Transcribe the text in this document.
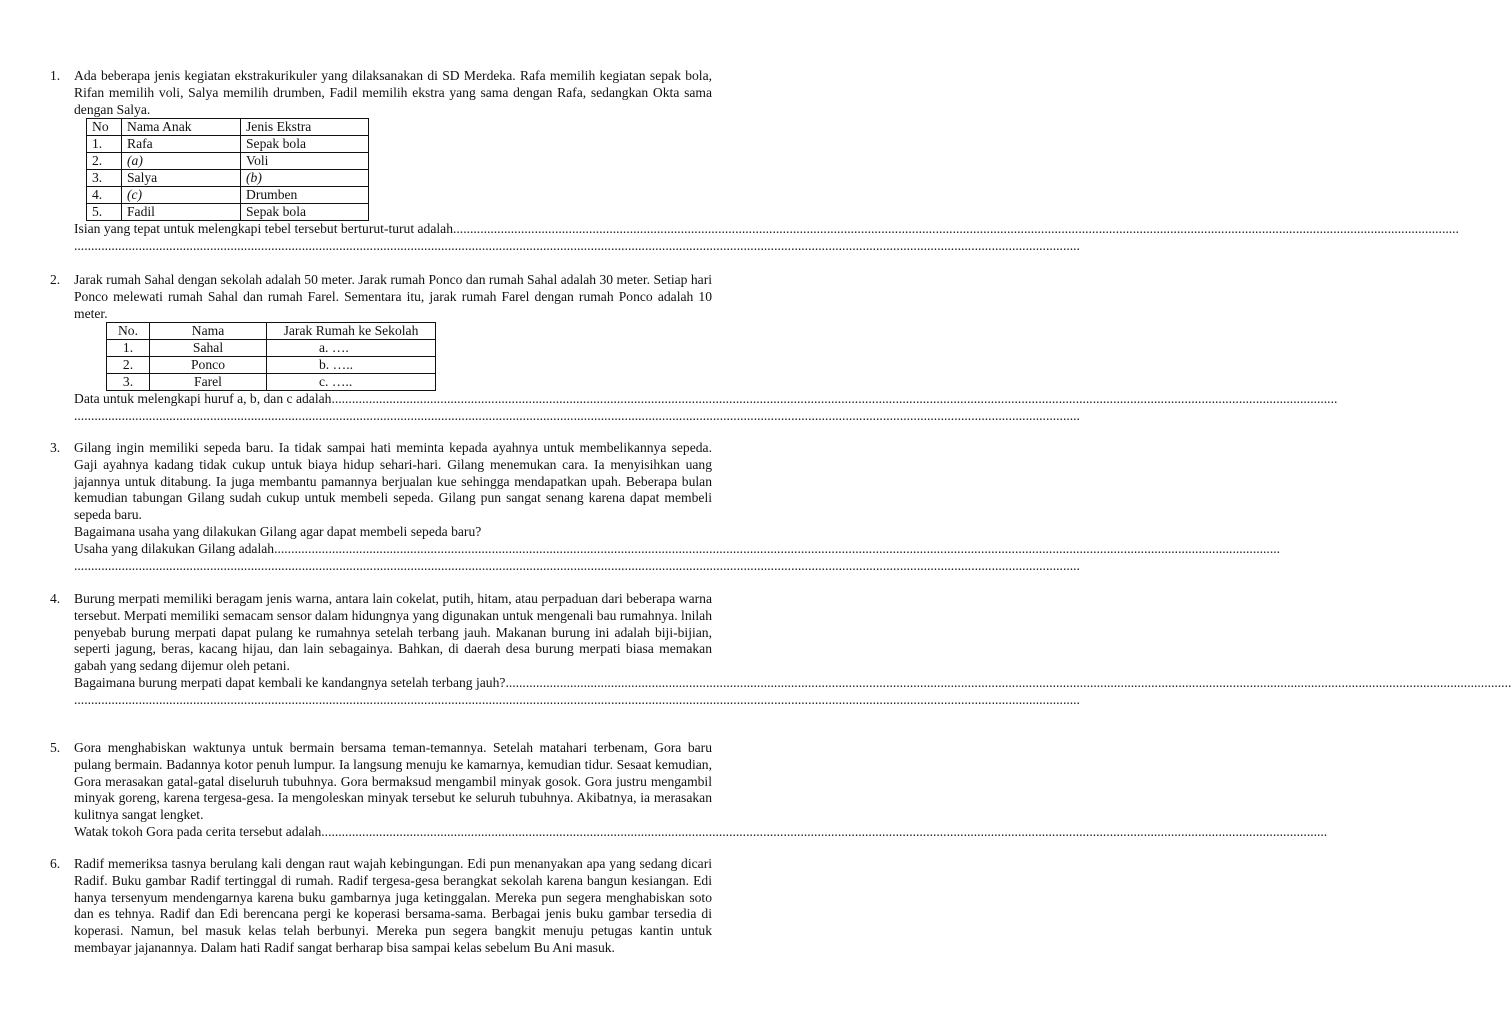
1. Ada beberapa jenis kegiatan ekstrakurikuler yang dilaksanakan di SD Merdeka. Rafa memilih kegiatan sepak bola, Rifan memilih voli, Salya memilih drumben, Fadil memilih ekstra yang sama dengan Rafa, sedangkan Okta sama dengan Salya.

No	Nama Anak	Jenis Ekstra
1.	Rafa	Sepak bola
2.	(a)	Voli
3.	Salya	(b)
4.	(c)	Drumben
5.	Fadil	Sepak bola
Isian yang tepat untuk melengkapi tebel tersebut berturut-turut adalah ........................................................................................................................................................................................................................................................................................................
........................................................................................................................................................................................................................................................................................................
2. Jarak rumah Sahal dengan sekolah adalah 50 meter. Jarak rumah Ponco dan rumah Sahal adalah 30 meter. Setiap hari Ponco melewati rumah Sahal dan rumah Farel. Sementara itu, jarak rumah Farel dengan rumah Ponco adalah 10 meter.

No.	Nama	Jarak Rumah ke Sekolah
1.	Sahal	a. ….
2.	Ponco	b. …..
3.	Farel	c. …..
Data untuk melengkapi huruf a, b, dan c adalah ........................................................................................................................................................................................................................................................................................................
........................................................................................................................................................................................................................................................................................................
3. Gilang ingin memiliki sepeda baru. Ia tidak sampai hati meminta kepada ayahnya untuk membelikannya sepeda. Gaji ayahnya kadang tidak cukup untuk biaya hidup sehari-hari. Gilang menemukan cara. Ia menyisihkan uang jajannya untuk ditabung. Ia juga membantu pamannya berjualan kue sehingga mendapatkan upah. Beberapa bulan kemudian tabungan Gilang sudah cukup untuk membeli sepeda. Gilang pun sangat senang karena dapat membeli sepeda baru.

Bagaimana usaha yang dilakukan Gilang agar dapat membeli sepeda baru?

Usaha yang dilakukan Gilang adalah ........................................................................................................................................................................................................................................................................................................
........................................................................................................................................................................................................................................................................................................
4. Burung merpati memiliki beragam jenis warna, antara lain cokelat, putih, hitam, atau perpaduan dari beberapa warna tersebut. Merpati memiliki semacam sensor dalam hidungnya yang digunakan untuk mengenali bau rumahnya. lnilah penyebab burung merpati dapat pulang ke rumahnya setelah terbang jauh. Makanan burung ini adalah biji-bijian, seperti jagung, beras, kacang hijau, dan lain sebagainya. Bahkan, di daerah desa burung merpati biasa memakan gabah yang sedang dijemur oleh petani.

Bagaimana burung merpati dapat kembali ke kandangnya setelah terbang jauh? ........................................................................................................................................................................................................................................................................................................
........................................................................................................................................................................................................................................................................................................
5. Gora menghabiskan waktunya untuk bermain bersama teman-temannya. Setelah matahari terbenam, Gora baru pulang bermain. Badannya kotor penuh lumpur. Ia langsung menuju ke kamarnya, kemudian tidur. Sesaat kemudian, Gora merasakan gatal-gatal diseluruh tubuhnya. Gora bermaksud mengambil minyak gosok. Gora justru mengambil minyak goreng, karena tergesa-gesa. Ia mengoleskan minyak tersebut ke seluruh tubuhnya. Akibatnya, ia merasakan kulitnya sangat lengket.

Watak tokoh Gora pada cerita tersebut adalah ........................................................................................................................................................................................................................................................................................................
6. Radif memeriksa tasnya berulang kali dengan raut wajah kebingungan. Edi pun menanyakan apa yang sedang dicari Radif. Buku gambar Radif tertinggal di rumah. Radif tergesa-gesa berangkat sekolah karena bangun kesiangan. Edi hanya tersenyum mendengarnya karena buku gambarnya juga ketinggalan. Mereka pun segera menghabiskan soto dan es tehnya. Radif dan Edi berencana pergi ke koperasi bersama-sama. Berbagai jenis buku gambar tersedia di koperasi. Namun, bel masuk kelas telah berbunyi. Mereka pun segera bangkit menuju petugas kantin untuk membayar jajanannya. Dalam hati Radif sangat berharap bisa sampai kelas sebelum Bu Ani masuk.
